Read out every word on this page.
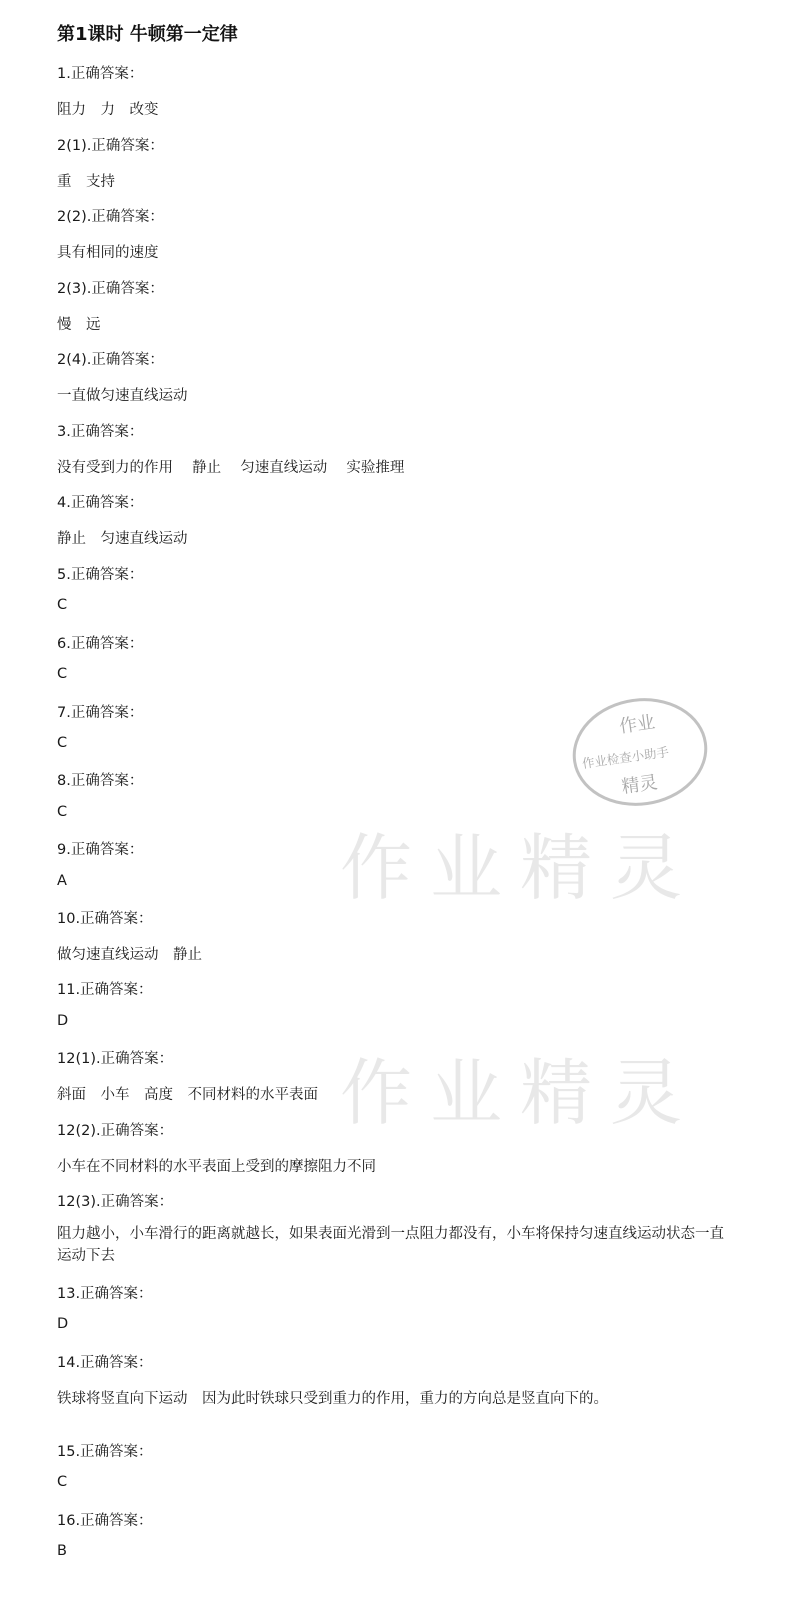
第1课时 牛顿第一定律
1.正确答案：
阻力　力　改变
2(1).正确答案：
重　支持
2(2).正确答案：
具有相同的速度
2(3).正确答案：
慢　远
2(4).正确答案：
一直做匀速直线运动
3.正确答案：
没有受到力的作用　 静止　 匀速直线运动　 实验推理
4.正确答案：
静止　匀速直线运动
5.正确答案：
C
6.正确答案：
C
7.正确答案：
C
8.正确答案：
C
9.正确答案：
A
10.正确答案：
做匀速直线运动　静止
11.正确答案：
D
12(1).正确答案：
斜面　小车　高度　不同材料的水平表面
12(2).正确答案：
小车在不同材料的水平表面上受到的摩擦阻力不同
12(3).正确答案：
阻力越小，小车滑行的距离就越长，如果表面光滑到一点阻力都没有，小车将保持匀速直线运动状态一直运动下去
13.正确答案：
D
14.正确答案：
铁球将竖直向下运动　因为此时铁球只受到重力的作用，重力的方向总是竖直向下的。
15.正确答案：
C
16.正确答案：
B
作业
作业检查小助手
精灵
作业精灵
作业精灵
